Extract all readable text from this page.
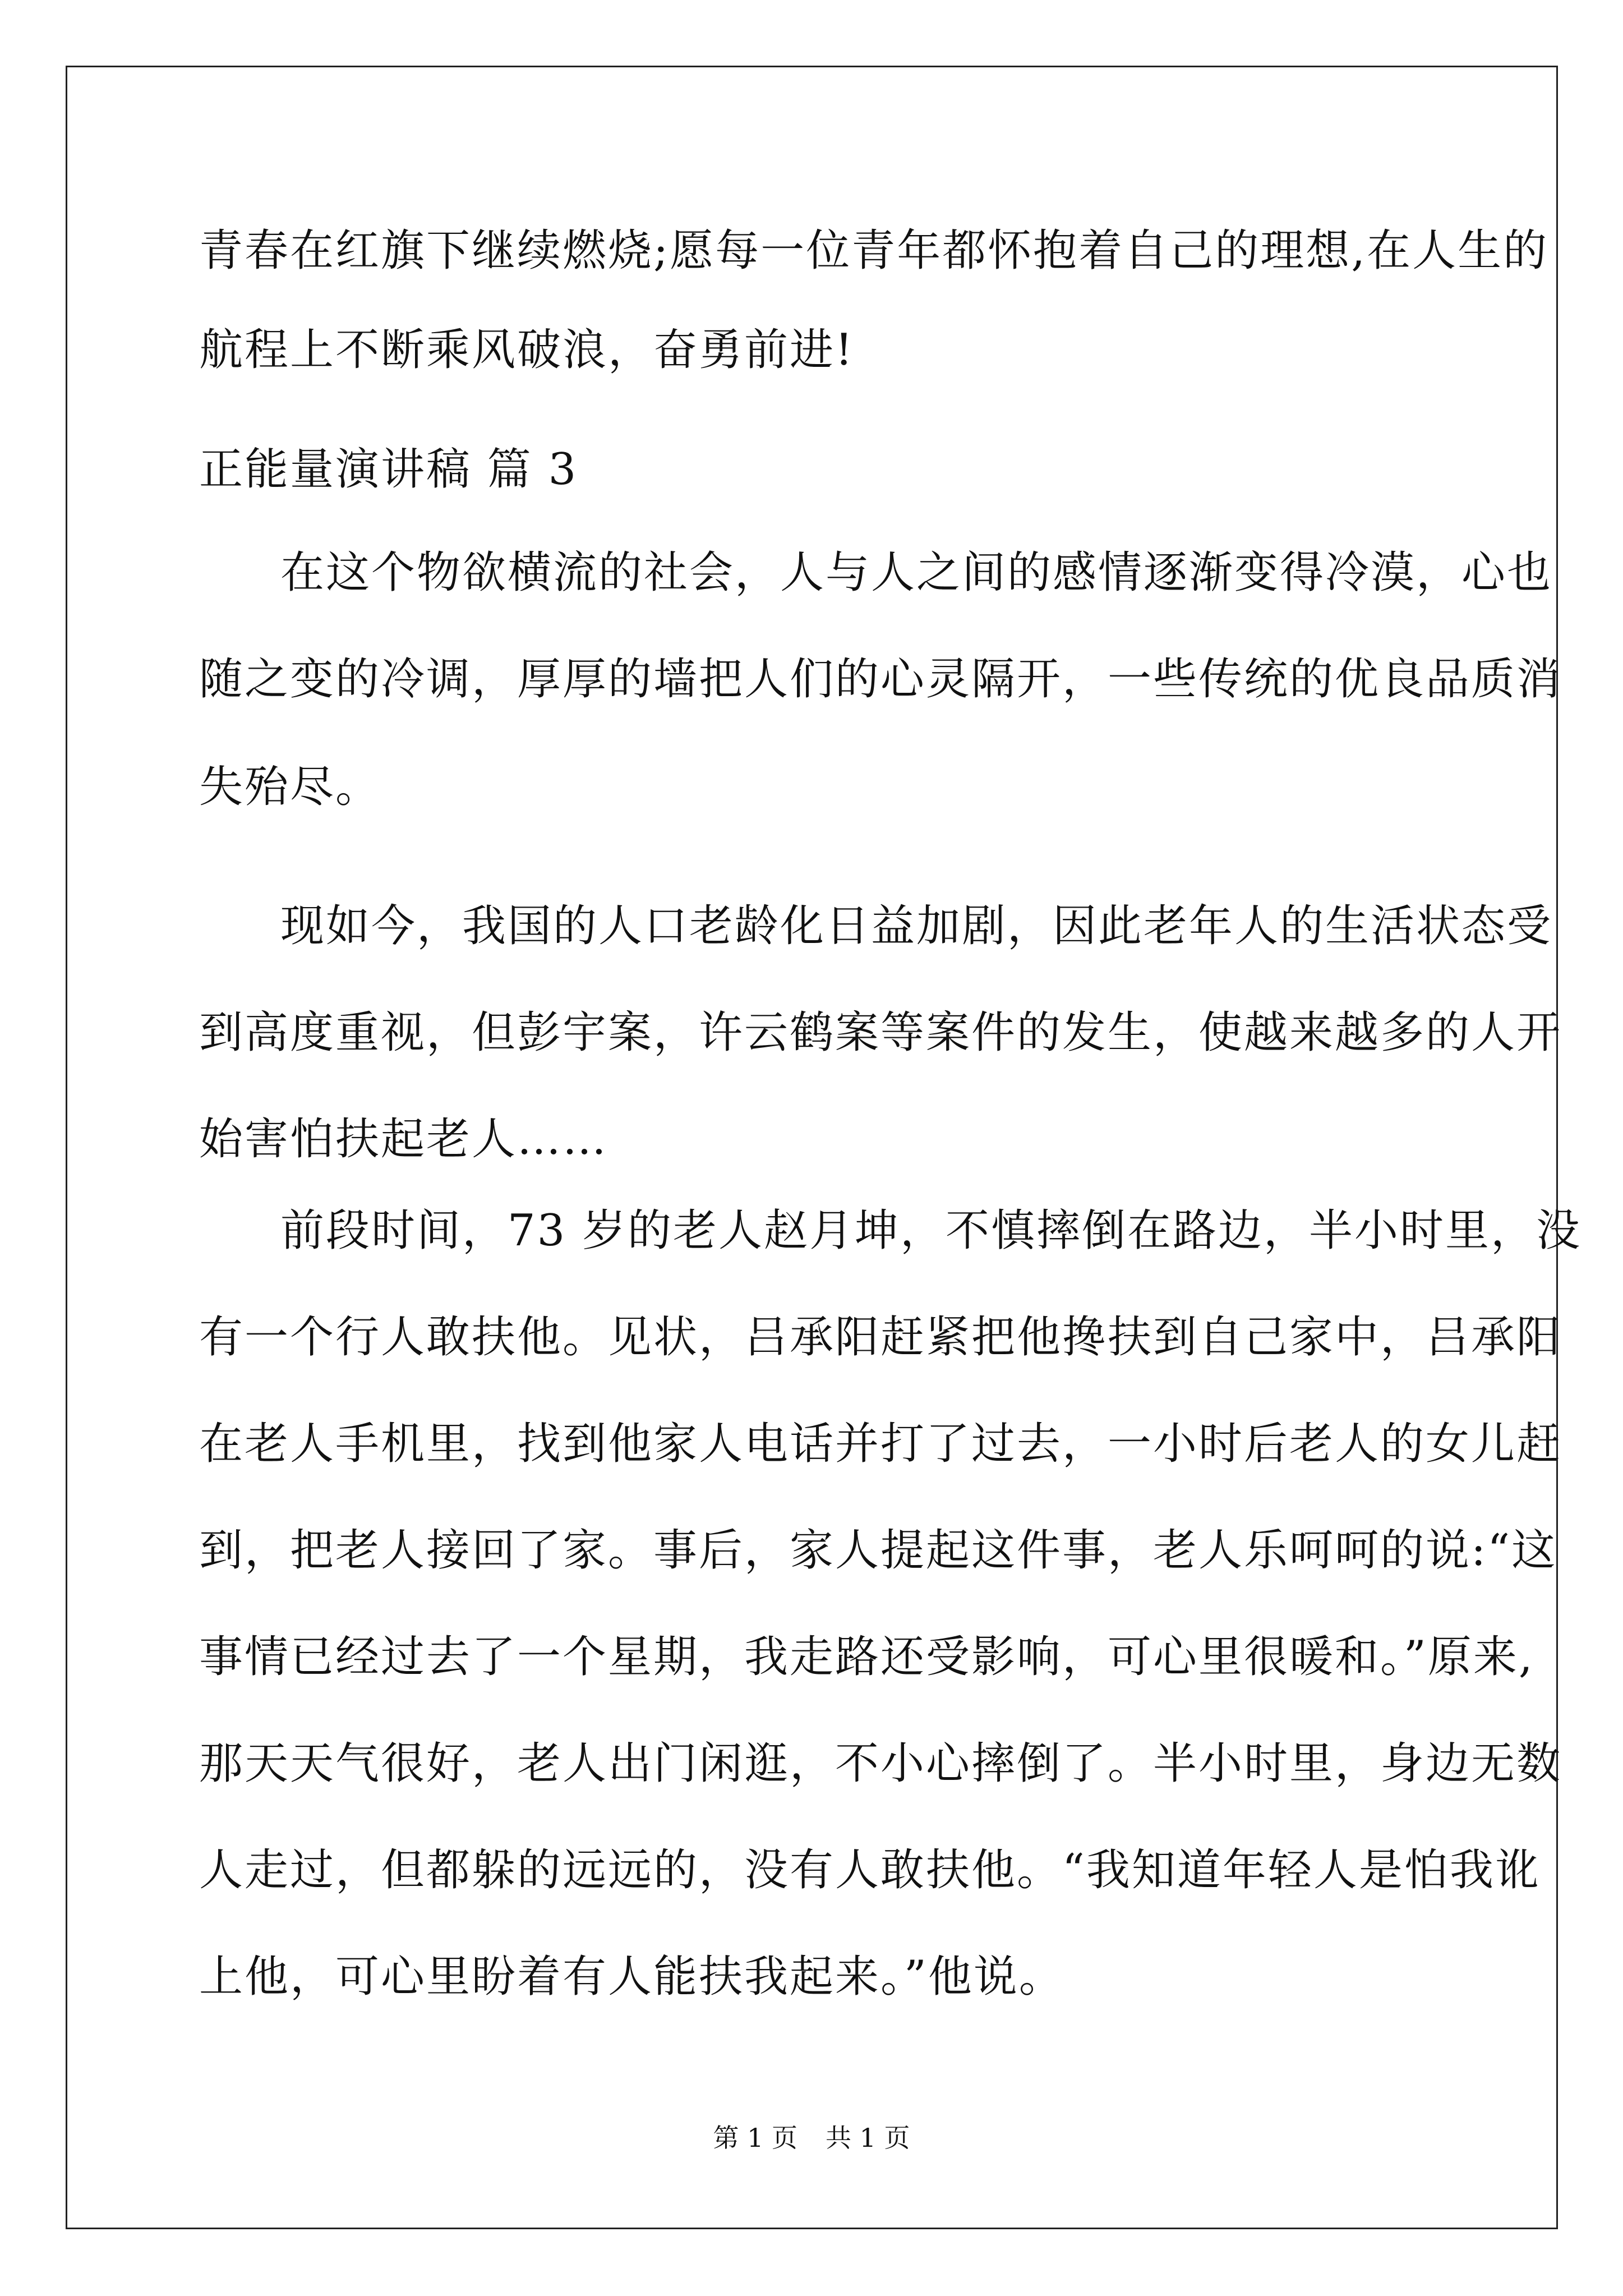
青春在红旗下继续燃烧;愿每一位青年都怀抱着自己的理想,在人生的
航程上不断乘风破浪，奋勇前进!
正能量演讲稿 篇 3
在这个物欲横流的社会，人与人之间的感情逐渐变得冷漠，心也
随之变的冷调，厚厚的墙把人们的心灵隔开，一些传统的优良品质消
失殆尽。
现如今，我国的人口老龄化日益加剧，因此老年人的生活状态受
到高度重视，但彭宇案，许云鹤案等案件的发生，使越来越多的人开
始害怕扶起老人……
前段时间，73 岁的老人赵月坤，不慎摔倒在路边，半小时里，没
有一个行人敢扶他。见状，吕承阳赶紧把他搀扶到自己家中，吕承阳
在老人手机里，找到他家人电话并打了过去，一小时后老人的女儿赶
到，把老人接回了家。事后，家人提起这件事，老人乐呵呵的说:“这
事情已经过去了一个星期，我走路还受影响，可心里很暖和。”原来,
那天天气很好，老人出门闲逛，不小心摔倒了。半小时里，身边无数
人走过，但都躲的远远的，没有人敢扶他。“我知道年轻人是怕我讹
上他，可心里盼着有人能扶我起来。”他说。
第 1 页 共 1 页
